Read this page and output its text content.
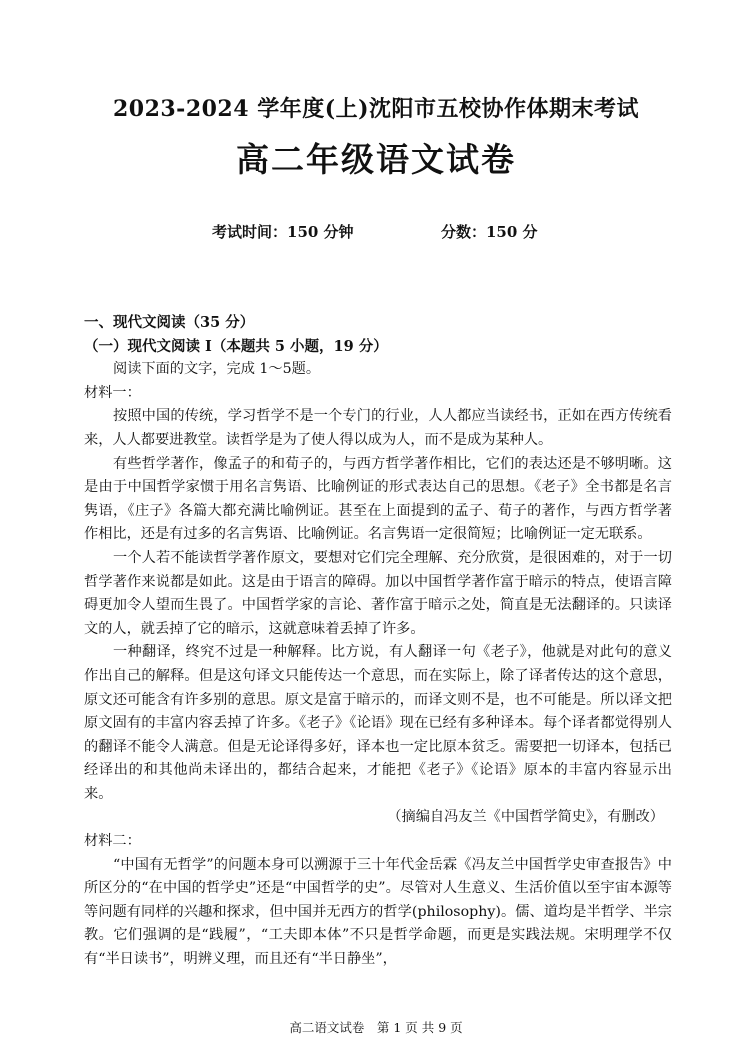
2023-2024 学年度(上)沈阳市五校协作体期末考试
高二年级语文试卷
考试时间：150 分钟	分数：150 分

一、现代文阅读（35 分）

（一）现代文阅读 I（本题共 5 小题，19 分）

阅读下面的文字，完成 1～5题。

材料一：

按照中国的传统，学习哲学不是一个专门的行业，人人都应当读经书，正如在西方传统看来，人人都要进教堂。读哲学是为了使人得以成为人，而不是成为某种人。

有些哲学著作，像孟子的和荀子的，与西方哲学著作相比，它们的表达还是不够明晰。这是由于中国哲学家惯于用名言隽语、比喻例证的形式表达自己的思想。《老子》全书都是名言隽语，《庄子》各篇大都充满比喻例证。甚至在上面提到的孟子、荀子的著作，与西方哲学著作相比，还是有过多的名言隽语、比喻例证。名言隽语一定很简短；比喻例证一定无联系。

一个人若不能读哲学著作原文，要想对它们完全理解、充分欣赏，是很困难的，对于一切哲学著作来说都是如此。这是由于语言的障碍。加以中国哲学著作富于暗示的特点，使语言障碍更加令人望而生畏了。中国哲学家的言论、著作富于暗示之处，简直是无法翻译的。只读译文的人，就丢掉了它的暗示，这就意味着丢掉了许多。

一种翻译，终究不过是一种解释。比方说，有人翻译一句《老子》，他就是对此句的意义作出自己的解释。但是这句译文只能传达一个意思，而在实际上，除了译者传达的这个意思，原文还可能含有许多别的意思。原文是富于暗示的，而译文则不是，也不可能是。所以译文把原文固有的丰富内容丢掉了许多。《老子》《论语》现在已经有多种译本。每个译者都觉得别人的翻译不能令人满意。但是无论译得多好，译本也一定比原本贫乏。需要把一切译本，包括已经译出的和其他尚未译出的，都结合起来，才能把《老子》《论语》原本的丰富内容显示出来。

（摘编自冯友兰《中国哲学简史》，有删改）

材料二：

“中国有无哲学”的问题本身可以溯源于三十年代金岳霖《冯友兰中国哲学史审查报告》中所区分的“在中国的哲学史”还是“中国哲学的史”。尽管对人生意义、生活价值以至宇宙本源等等问题有同样的兴趣和探求，但中国并无西方的哲学(philosophy)。儒、道均是半哲学、半宗教。它们强调的是“践履”，“工夫即本体”不只是哲学命题，而更是实践法规。宋明理学不仅有“半日读书”，明辨义理，而且还有“半日静坐”，

高二语文试卷　第 1 页 共 9 页
